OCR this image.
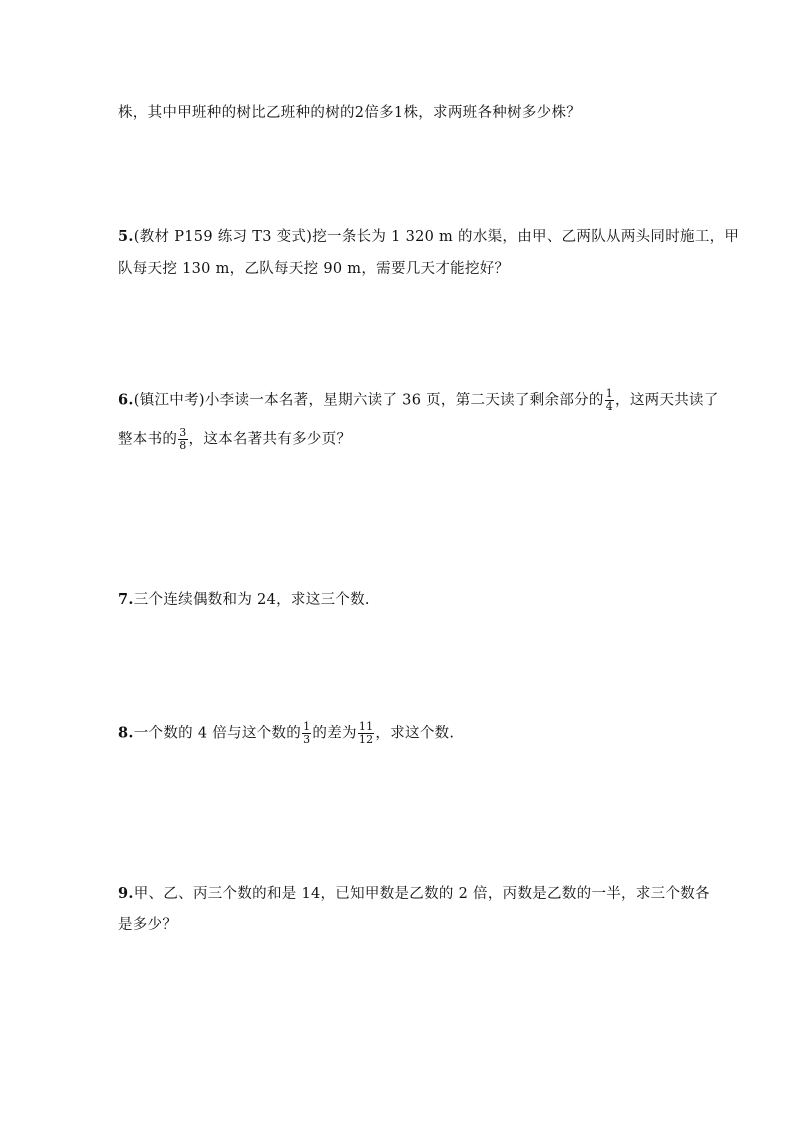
株，其中甲班种的树比乙班种的树的2倍多1株，求两班各种树多少株？
5.(教材 P159 练习 T3 变式)挖一条长为 1 320 m 的水渠，由甲、乙两队从两头同时施工，甲
队每天挖 130 m，乙队每天挖 90 m，需要几天才能挖好？
6.(镇江中考)小李读一本名著，星期六读了 36 页，第二天读了剩余部分的 $\frac{1}{4}$ ，这两天共读了
整本书的 $\frac{3}{8}$ ，这本名著共有多少页？
7.三个连续偶数和为 24，求这三个数.
8.一个数的 4 倍与这个数的 $\frac{1}{3}$ 的差为 $\frac{11}{12}$ ，求这个数.
9.甲、乙、丙三个数的和是 14，已知甲数是乙数的 2 倍，丙数是乙数的一半，求三个数各
是多少？
